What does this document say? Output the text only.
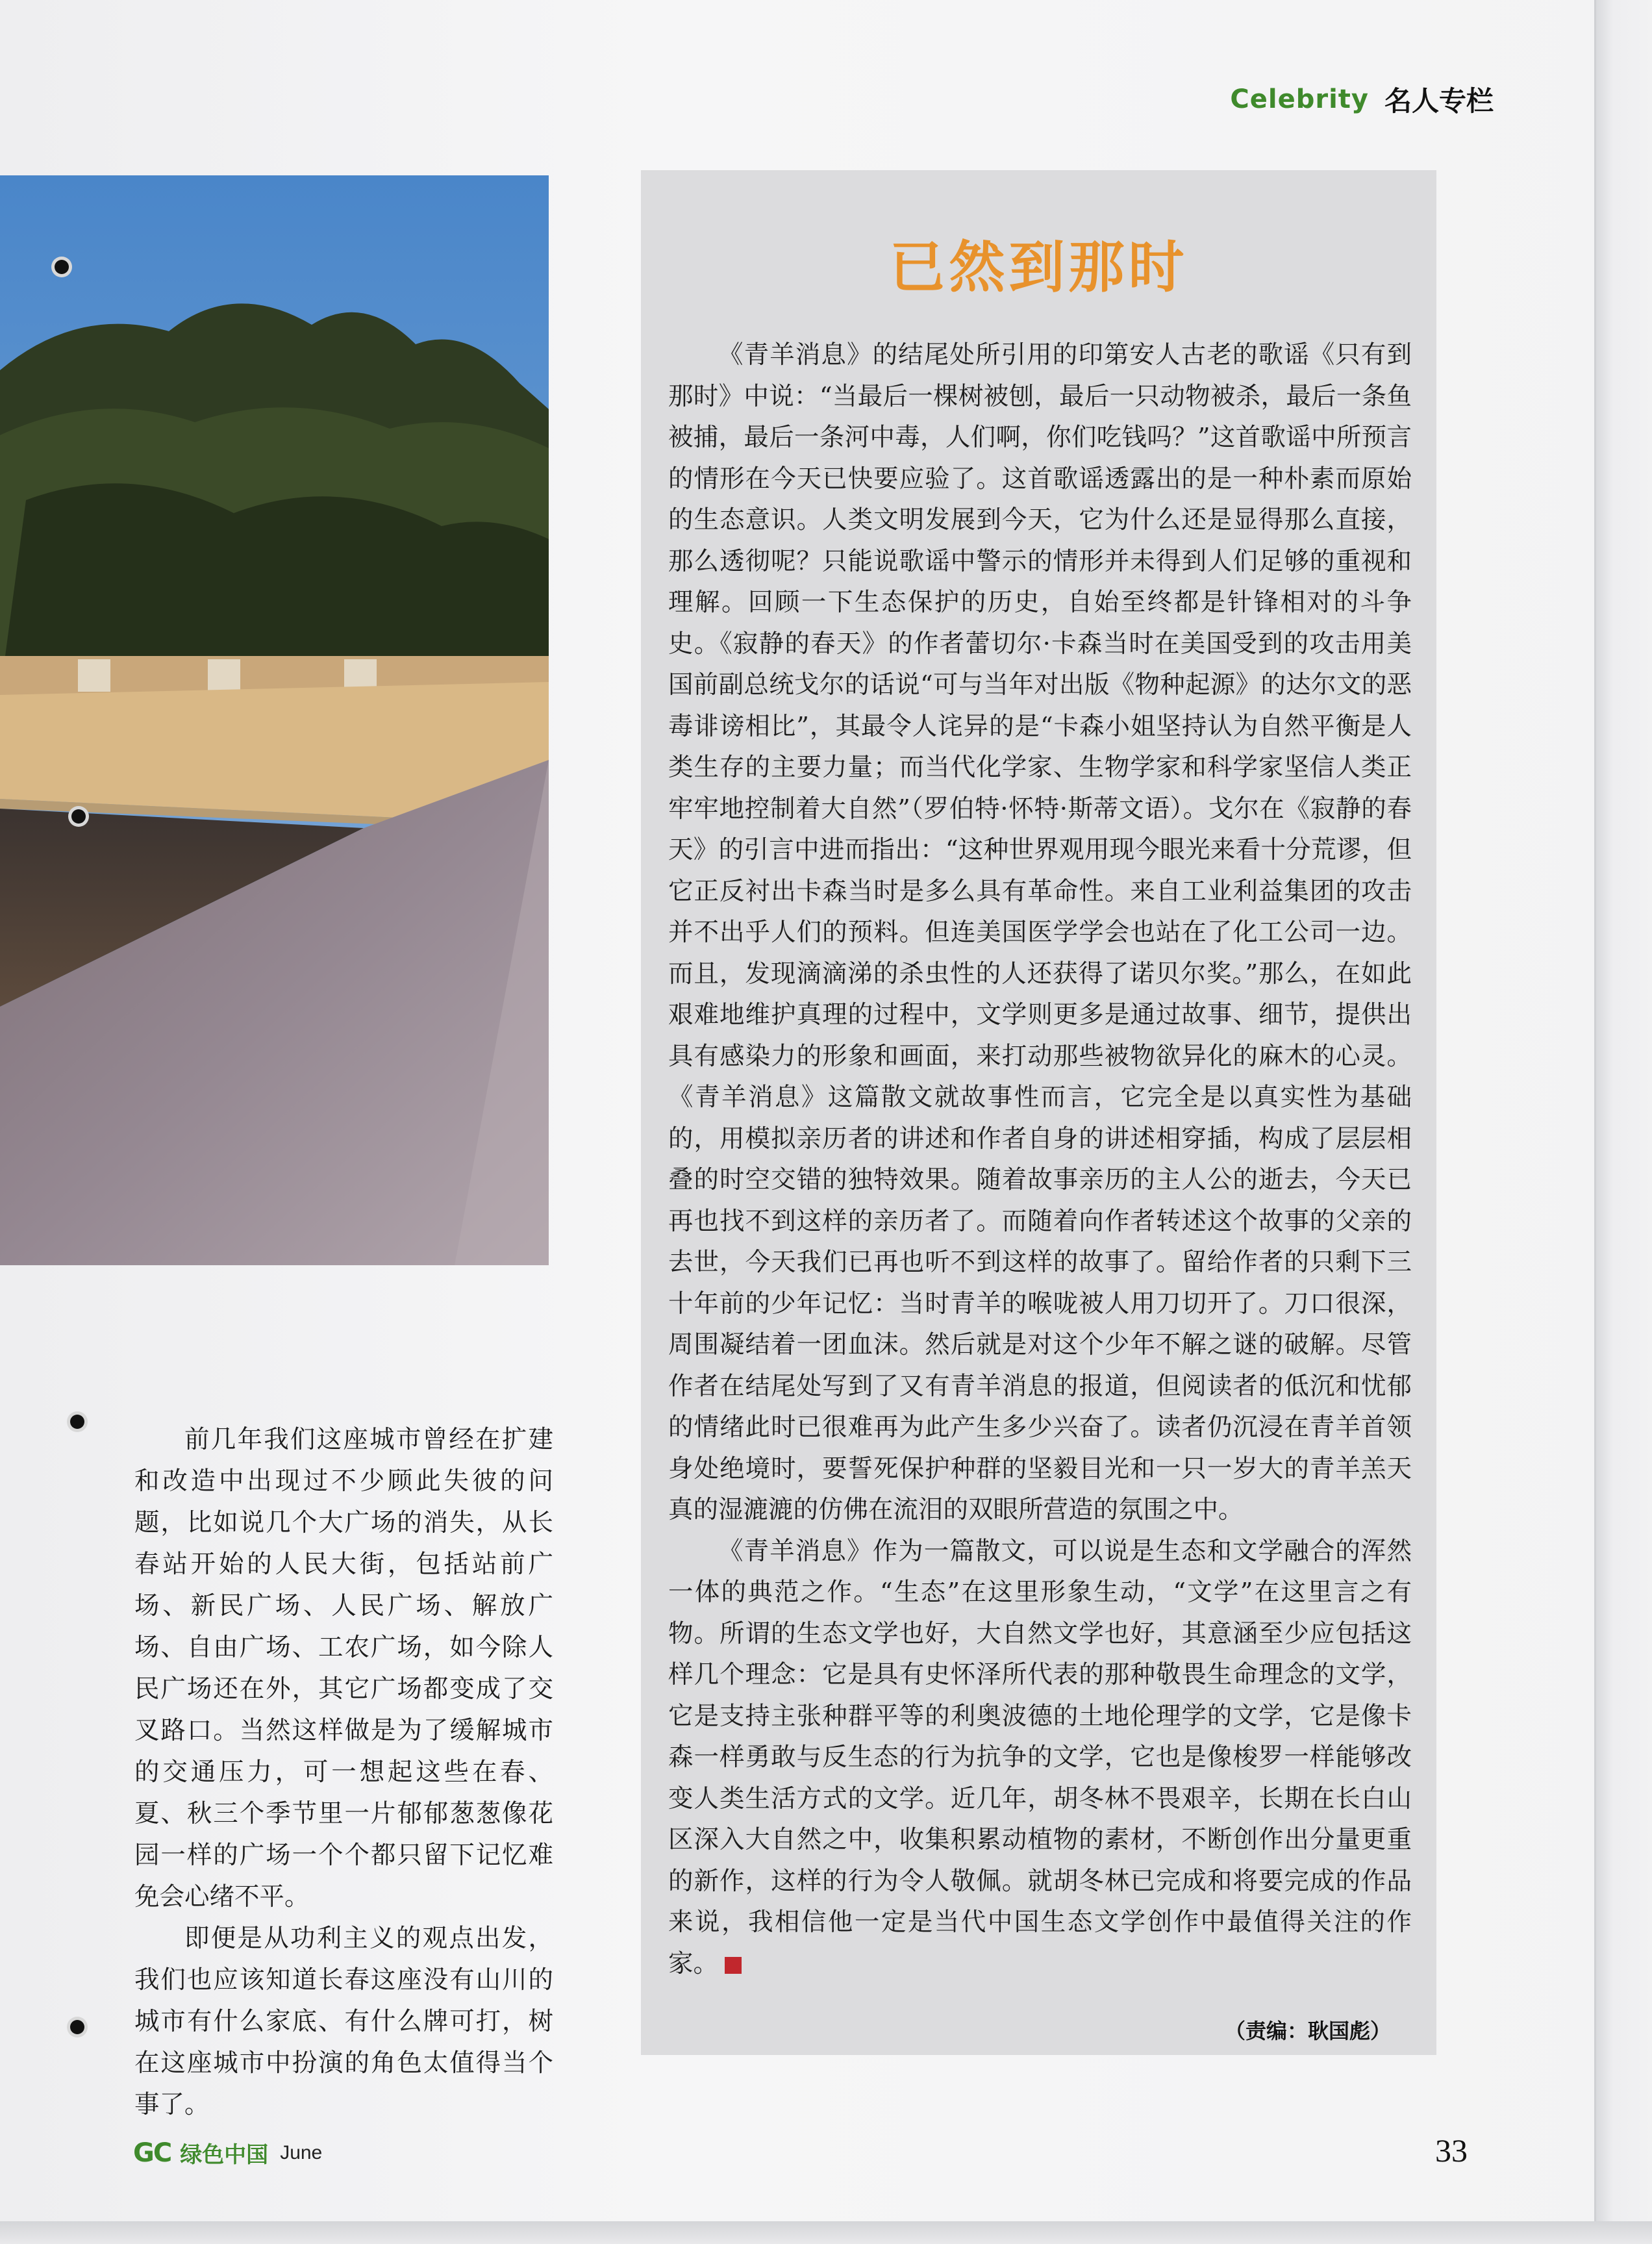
Celebrity 名人专栏
已然到那时

《青羊消息》的结尾处所引用的印第安人古老的歌谣《只有到那时》中说：“当最后一棵树被刨，最后一只动物被杀，最后一条鱼被捕，最后一条河中毒，人们啊，你们吃钱吗？”这首歌谣中所预言的情形在今天已快要应验了。这首歌谣透露出的是一种朴素而原始的生态意识。人类文明发展到今天，它为什么还是显得那么直接，那么透彻呢？只能说歌谣中警示的情形并未得到人们足够的重视和理解。回顾一下生态保护的历史，自始至终都是针锋相对的斗争史。《寂静的春天》的作者蕾切尔·卡森当时在美国受到的攻击用美国前副总统戈尔的话说“可与当年对出版《物种起源》的达尔文的恶毒诽谤相比”，其最令人诧异的是“卡森小姐坚持认为自然平衡是人类生存的主要力量；而当代化学家、生物学家和科学家坚信人类正牢牢地控制着大自然”（罗伯特·怀特·斯蒂文语）。戈尔在《寂静的春天》的引言中进而指出：“这种世界观用现今眼光来看十分荒谬，但它正反衬出卡森当时是多么具有革命性。来自工业利益集团的攻击并不出乎人们的预料。但连美国医学学会也站在了化工公司一边。而且，发现滴滴涕的杀虫性的人还获得了诺贝尔奖。”那么，在如此艰难地维护真理的过程中，文学则更多是通过故事、细节，提供出具有感染力的形象和画面，来打动那些被物欲异化的麻木的心灵。《青羊消息》这篇散文就故事性而言，它完全是以真实性为基础的，用模拟亲历者的讲述和作者自身的讲述相穿插，构成了层层相叠的时空交错的独特效果。随着故事亲历的主人公的逝去，今天已再也找不到这样的亲历者了。而随着向作者转述这个故事的父亲的去世，今天我们已再也听不到这样的故事了。留给作者的只剩下三十年前的少年记忆：当时青羊的喉咙被人用刀切开了。刀口很深，周围凝结着一团血沫。然后就是对这个少年不解之谜的破解。尽管作者在结尾处写到了又有青羊消息的报道，但阅读者的低沉和忧郁的情绪此时已很难再为此产生多少兴奋了。读者仍沉浸在青羊首领身处绝境时，要誓死保护种群的坚毅目光和一只一岁大的青羊羔天真的湿漉漉的仿佛在流泪的双眼所营造的氛围之中。

《青羊消息》作为一篇散文，可以说是生态和文学融合的浑然一体的典范之作。“生态”在这里形象生动，“文学”在这里言之有物。所谓的生态文学也好，大自然文学也好，其意涵至少应包括这样几个理念：它是具有史怀泽所代表的那种敬畏生命理念的文学，它是支持主张种群平等的利奥波德的土地伦理学的文学，它是像卡森一样勇敢与反生态的行为抗争的文学，它也是像梭罗一样能够改变人类生活方式的文学。近几年，胡冬林不畏艰辛，长期在长白山区深入大自然之中，收集积累动植物的素材，不断创作出分量更重的新作，这样的行为令人敬佩。就胡冬林已完成和将要完成的作品来说，我相信他一定是当代中国生态文学创作中最值得关注的作家。

（责编：耿国彪）

前几年我们这座城市曾经在扩建和改造中出现过不少顾此失彼的问题，比如说几个大广场的消失，从长春站开始的人民大街，包括站前广场、新民广场、人民广场、解放广场、自由广场、工农广场，如今除人民广场还在外，其它广场都变成了交叉路口。当然这样做是为了缓解城市的交通压力，可一想起这些在春、夏、秋三个季节里一片郁郁葱葱像花园一样的广场一个个都只留下记忆难免会心绪不平。

即便是从功利主义的观点出发，我们也应该知道长春这座没有山川的城市有什么家底、有什么牌可打，树在这座城市中扮演的角色太值得当个事了。

GC 绿色中国 June	33
